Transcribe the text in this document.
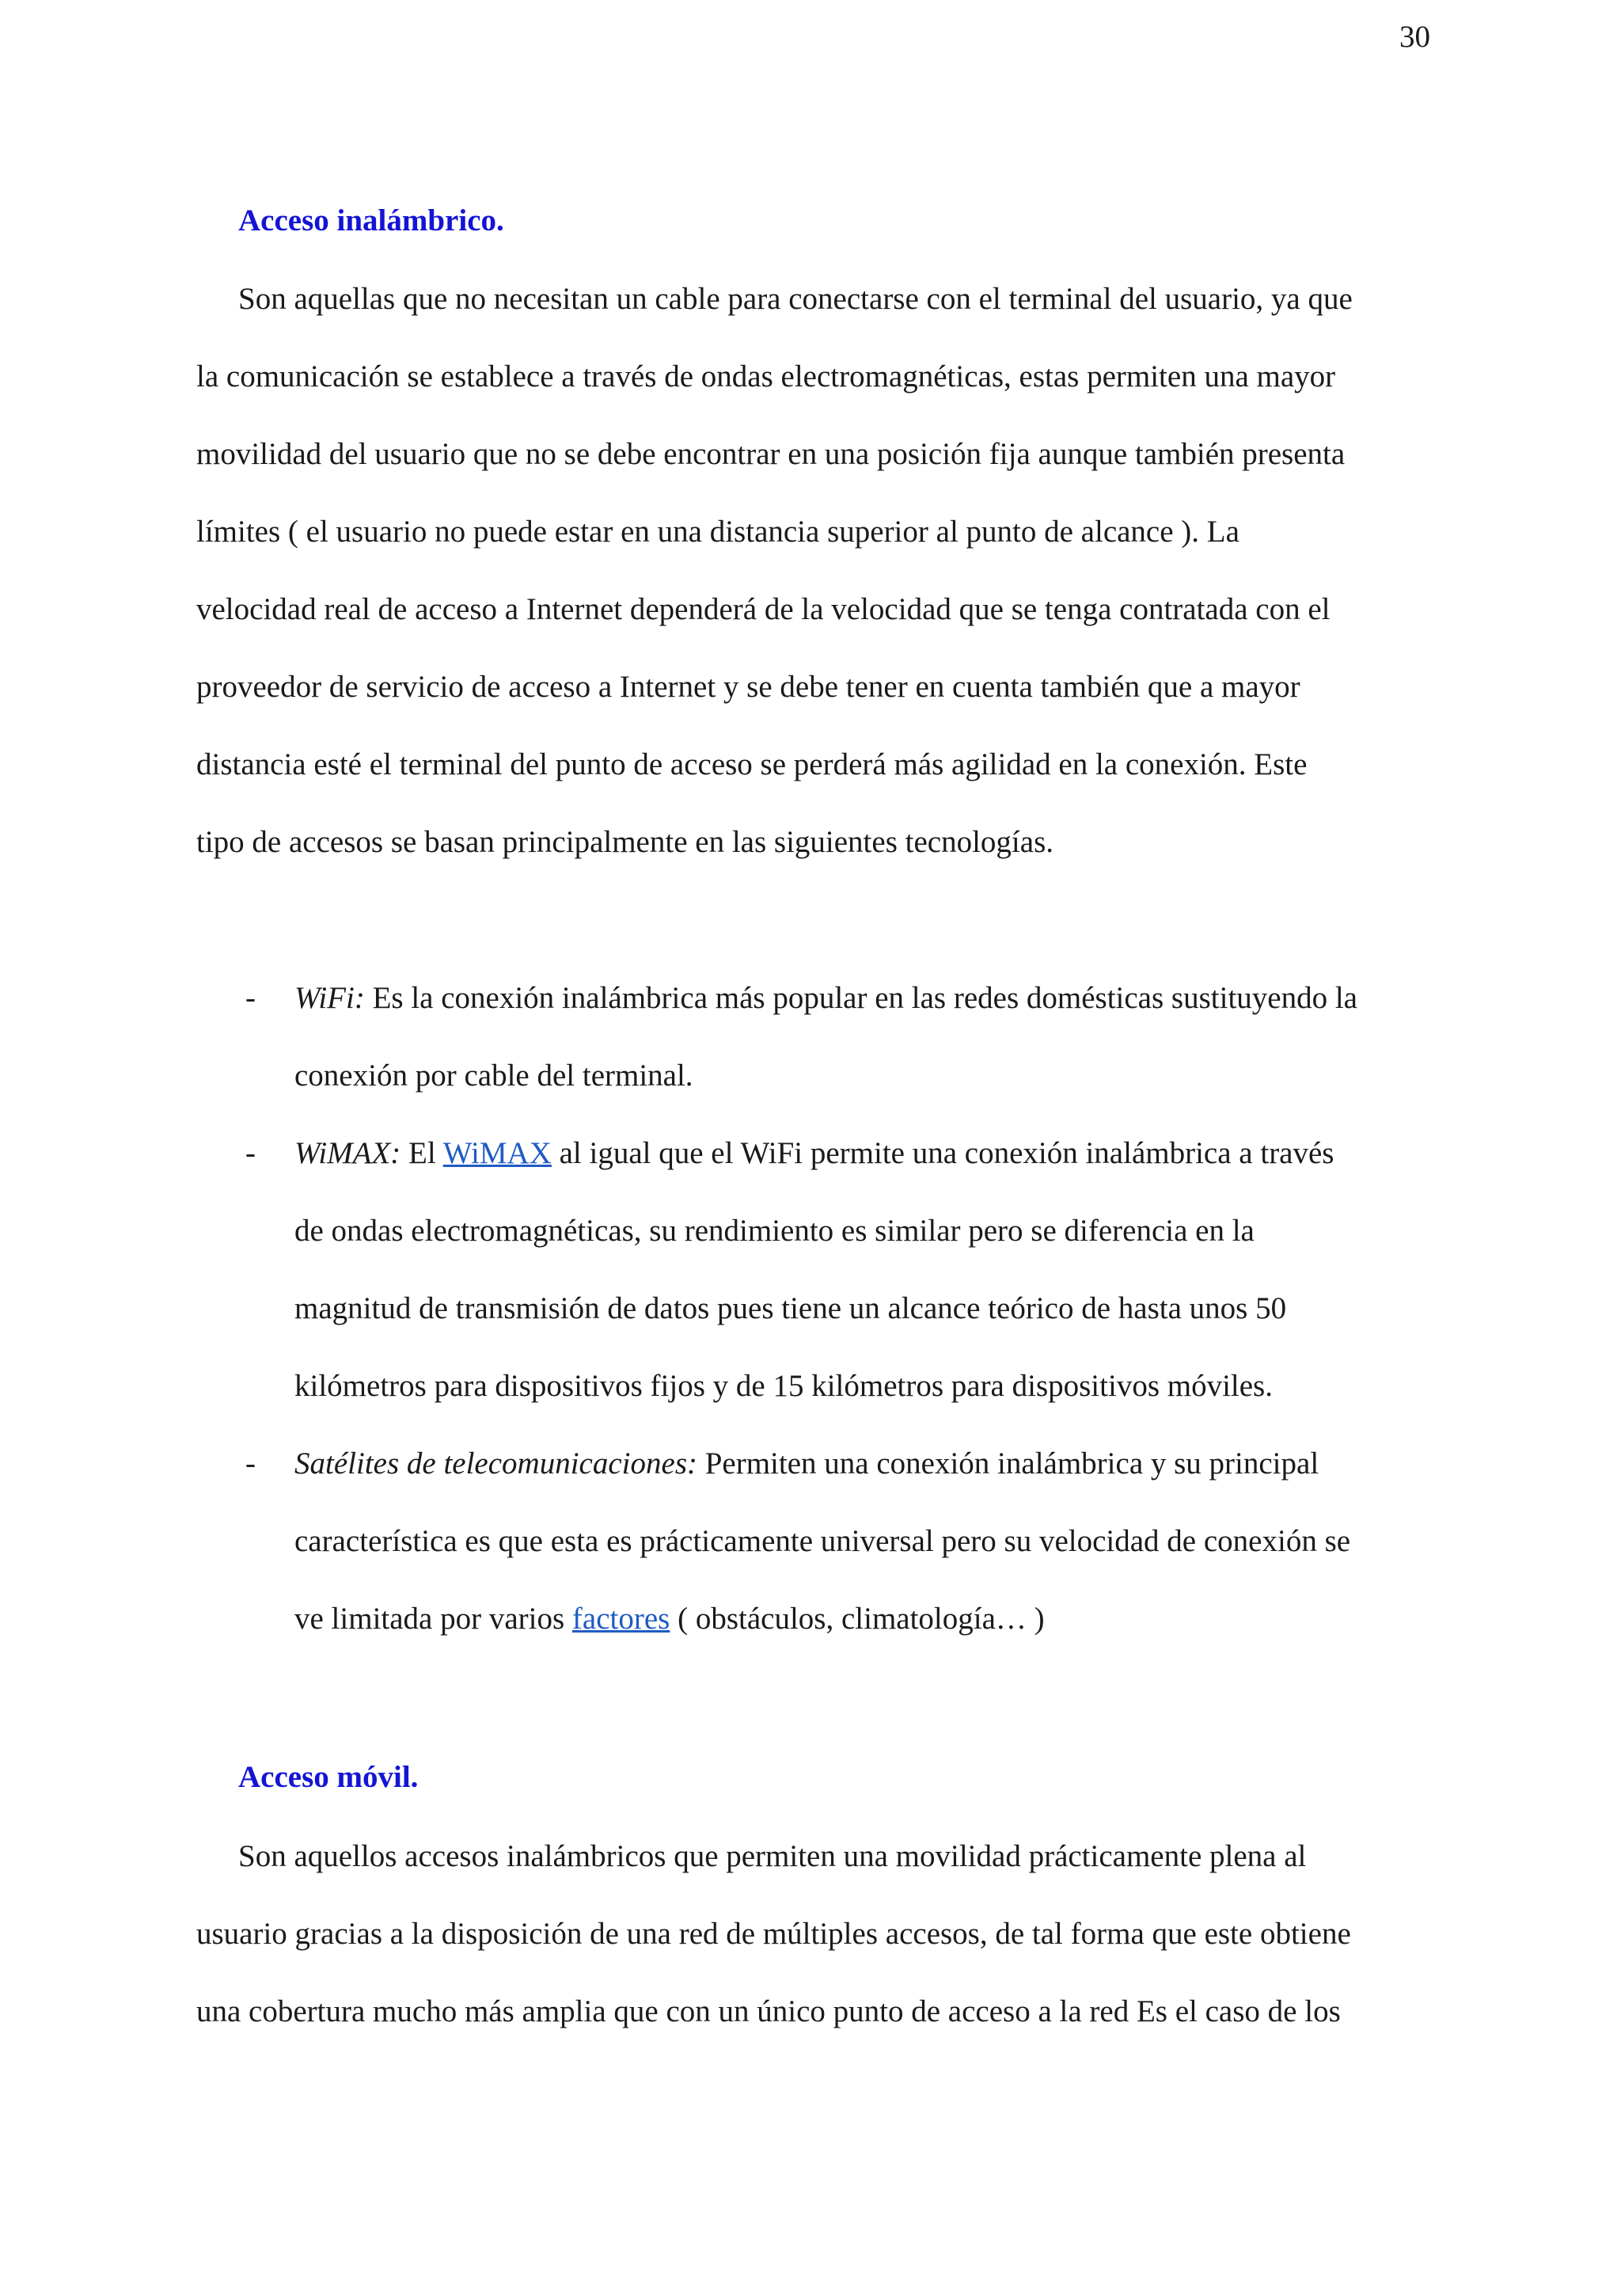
30
Acceso inalámbrico.
Son aquellas que no necesitan un cable para conectarse con el terminal del usuario, ya que
la comunicación se establece a través de ondas electromagnéticas, estas permiten una mayor
movilidad del usuario que no se debe encontrar en una posición fija aunque también presenta
límites ( el usuario no puede estar en una distancia superior al punto de alcance ). La
velocidad real de acceso a Internet dependerá de la velocidad que se tenga contratada con el
proveedor de servicio de acceso a Internet y se debe tener en cuenta también que a mayor
distancia esté el terminal del punto de acceso se perderá más agilidad en la conexión. Este
tipo de accesos se basan principalmente en las siguientes tecnologías.
-	WiFi: Es la conexión inalámbrica más popular en las redes domésticas sustituyendo la
conexión por cable del terminal.
-	WiMAX: El WiMAX al igual que el WiFi permite una conexión inalámbrica a través
de ondas electromagnéticas, su rendimiento es similar pero se diferencia en la
magnitud de transmisión de datos pues tiene un alcance teórico de hasta unos 50
kilómetros para dispositivos fijos y de 15 kilómetros para dispositivos móviles.
-	Satélites de telecomunicaciones: Permiten una conexión inalámbrica y su principal
característica es que esta es prácticamente universal pero su velocidad de conexión se
ve limitada por varios factores ( obstáculos, climatología… )
Acceso móvil.
Son aquellos accesos inalámbricos que permiten una movilidad prácticamente plena al
usuario gracias a la disposición de una red de múltiples accesos, de tal forma que este obtiene
una cobertura mucho más amplia que con un único punto de acceso a la red Es el caso de los
